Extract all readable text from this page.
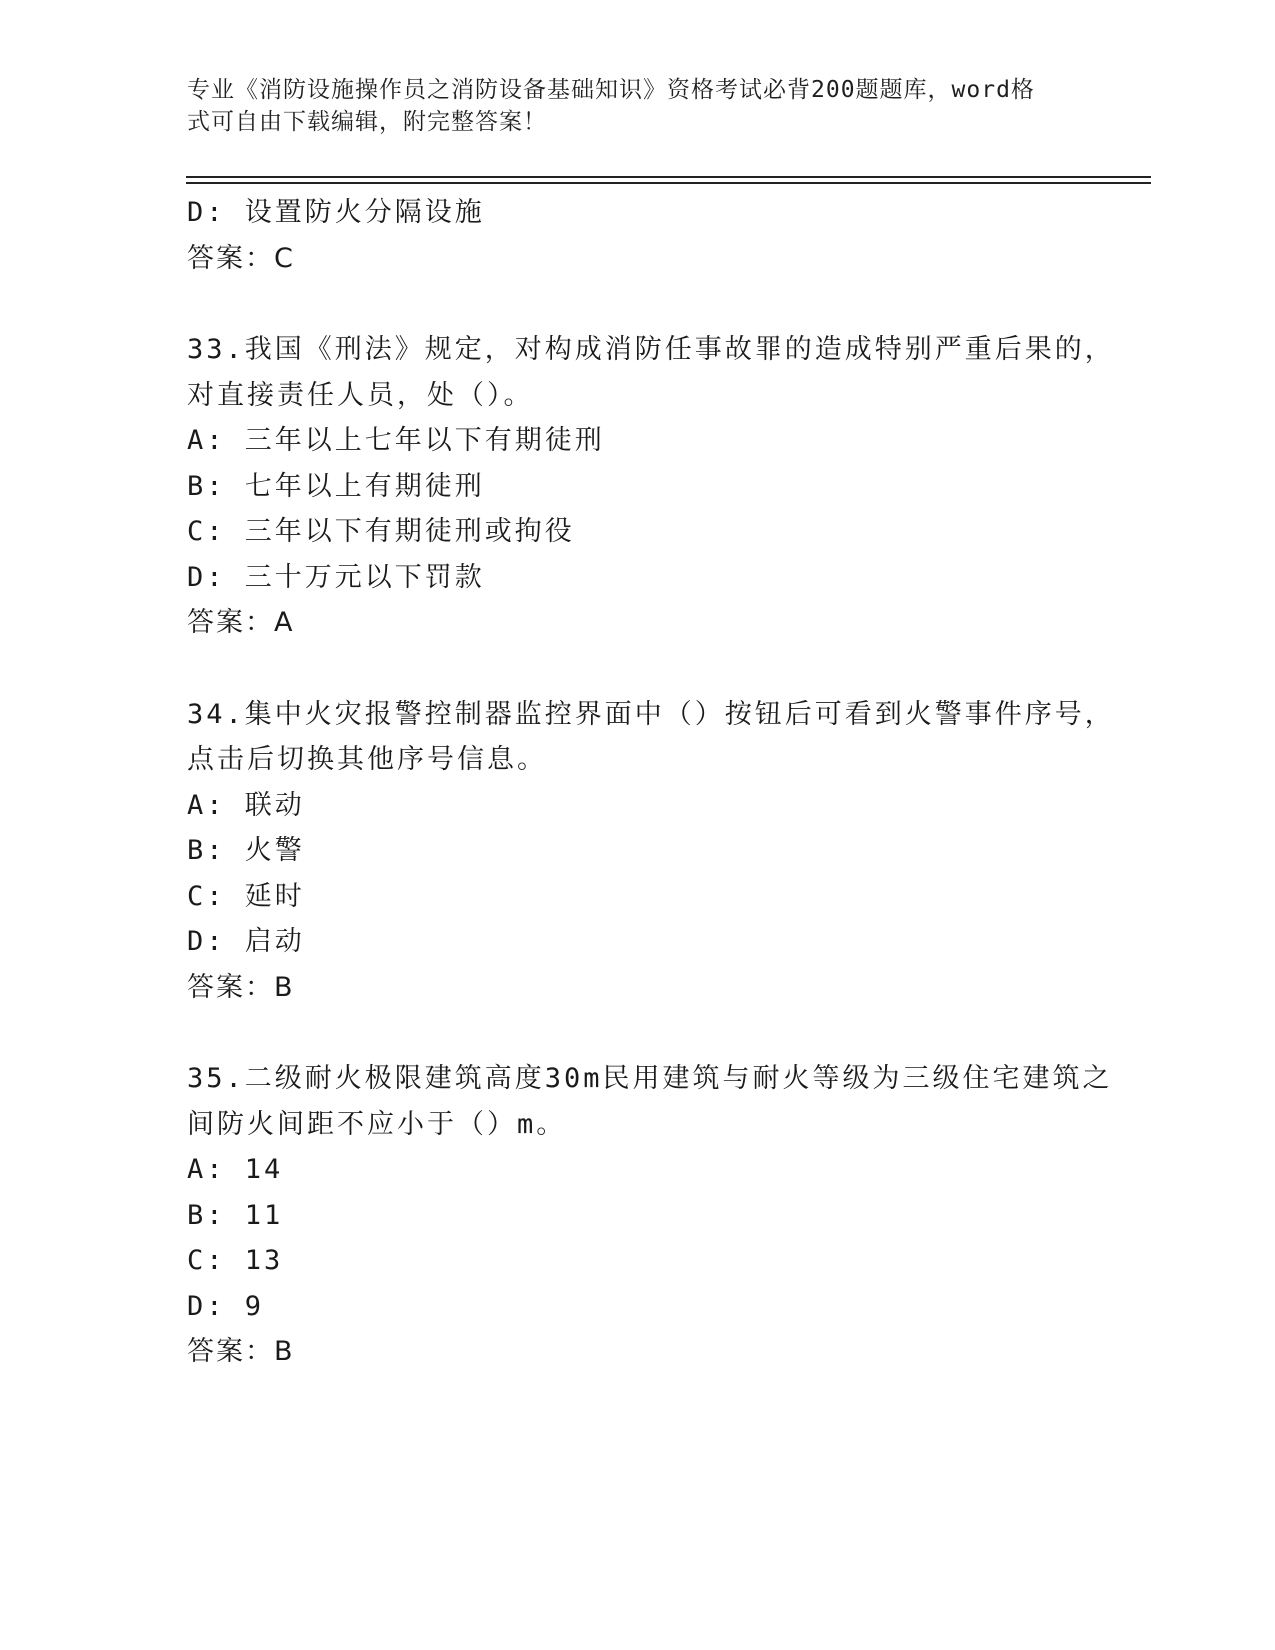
专业《消防设施操作员之消防设备基础知识》资格考试必背200题题库，word格
式可自由下载编辑，附完整答案！
D: 设置防火分隔设施
答案：C
33.我国《刑法》规定，对构成消防任事故罪的造成特别严重后果的，
对直接责任人员，处（）。
A: 三年以上七年以下有期徒刑
B: 七年以上有期徒刑
C: 三年以下有期徒刑或拘役
D: 三十万元以下罚款
答案：A
34.集中火灾报警控制器监控界面中（）按钮后可看到火警事件序号，
点击后切换其他序号信息。
A: 联动
B: 火警
C: 延时
D: 启动
答案：B
35.二级耐火极限建筑高度30m民用建筑与耐火等级为三级住宅建筑之
间防火间距不应小于（）m。
A: 14
B: 11
C: 13
D: 9
答案：B
